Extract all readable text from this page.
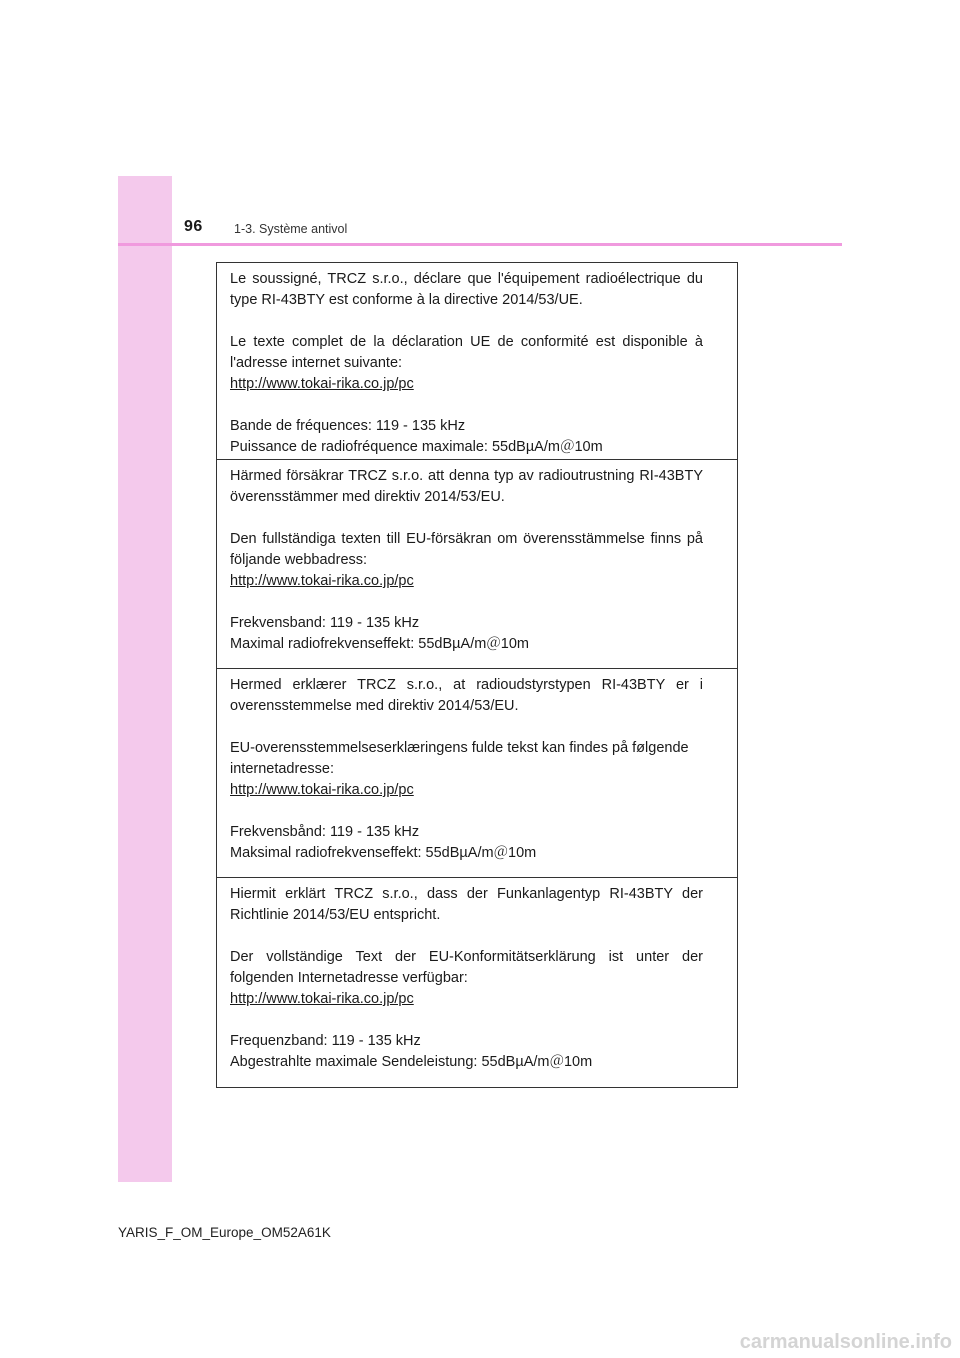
96 1-3. Système antivol

Le soussigné, TRCZ s.r.o., déclare que l'équipement radioélectrique du type RI-43BTY est conforme à la directive 2014/53/UE.

Le texte complet de la déclaration UE de conformité est disponible à l'adresse internet suivante:

http://www.tokai-rika.co.jp/pc

Bande de fréquences: 119 - 135 kHz

Puissance de radiofréquence maximale: 55dBµA/m＠10m

Härmed försäkrar TRCZ s.r.o. att denna typ av radioutrustning RI-43BTY överensstämmer med direktiv 2014/53/EU.

Den fullständiga texten till EU-försäkran om överensstämmelse finns på följande webbadress:

http://www.tokai-rika.co.jp/pc

Frekvensband: 119 - 135 kHz

Maximal radiofrekvenseffekt: 55dBµA/m＠10m

Hermed erklærer TRCZ s.r.o., at radioudstyrstypen RI-43BTY er i overensstemmelse med direktiv 2014/53/EU.

EU-overensstemmelseserklæringens fulde tekst kan findes på følgende internetadresse:

http://www.tokai-rika.co.jp/pc

Frekvensbånd: 119 - 135 kHz

Maksimal radiofrekvenseffekt: 55dBµA/m＠10m

Hiermit erklärt TRCZ s.r.o., dass der Funkanlagentyp RI-43BTY der Richtlinie 2014/53/EU entspricht.

Der vollständige Text der EU-Konformitätserklärung ist unter der folgenden Internetadresse verfügbar:

http://www.tokai-rika.co.jp/pc

Frequenzband: 119 - 135 kHz

Abgestrahlte maximale Sendeleistung: 55dBµA/m＠10m

YARIS_F_OM_Europe_OM52A61K
carmanualsonline.info
